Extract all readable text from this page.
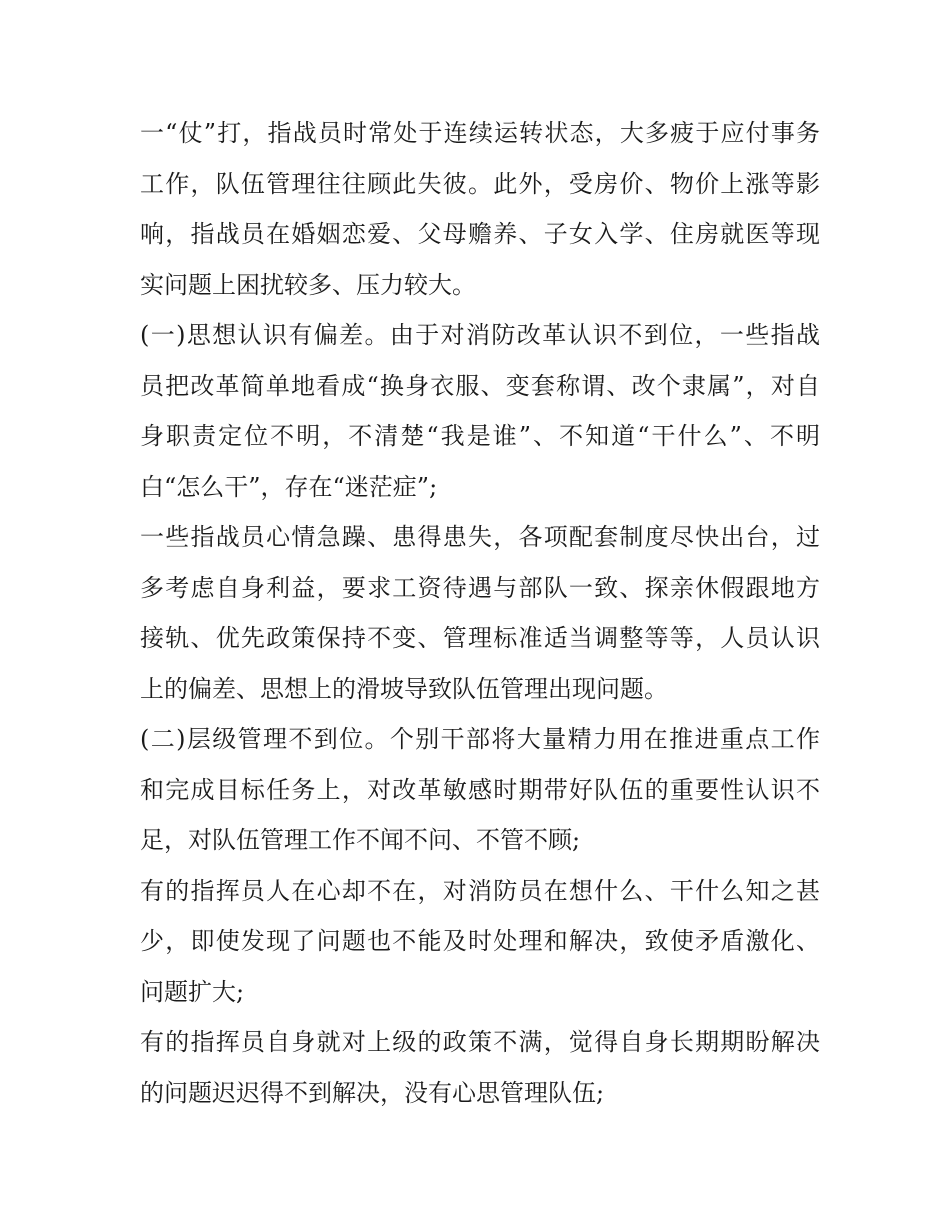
一“仗”打，指战员时常处于连续运转状态，大多疲于应付事务
工作，队伍管理往往顾此失彼。此外，受房价、物价上涨等影
响，指战员在婚姻恋爱、父母赡养、子女入学、住房就医等现
实问题上困扰较多、压力较大。
(一)思想认识有偏差。由于对消防改革认识不到位，一些指战
员把改革简单地看成“换身衣服、变套称谓、改个隶属”，对自
身职责定位不明，不清楚“我是谁”、不知道“干什么”、不明
白“怎么干”，存在“迷茫症”;
一些指战员心情急躁、患得患失，各项配套制度尽快出台，过
多考虑自身利益，要求工资待遇与部队一致、探亲休假跟地方
接轨、优先政策保持不变、管理标准适当调整等等，人员认识
上的偏差、思想上的滑坡导致队伍管理出现问题。
(二)层级管理不到位。个别干部将大量精力用在推进重点工作
和完成目标任务上，对改革敏感时期带好队伍的重要性认识不
足，对队伍管理工作不闻不问、不管不顾;
有的指挥员人在心却不在，对消防员在想什么、干什么知之甚
少，即使发现了问题也不能及时处理和解决，致使矛盾激化、
问题扩大;
有的指挥员自身就对上级的政策不满，觉得自身长期期盼解决
的问题迟迟得不到解决，没有心思管理队伍;
